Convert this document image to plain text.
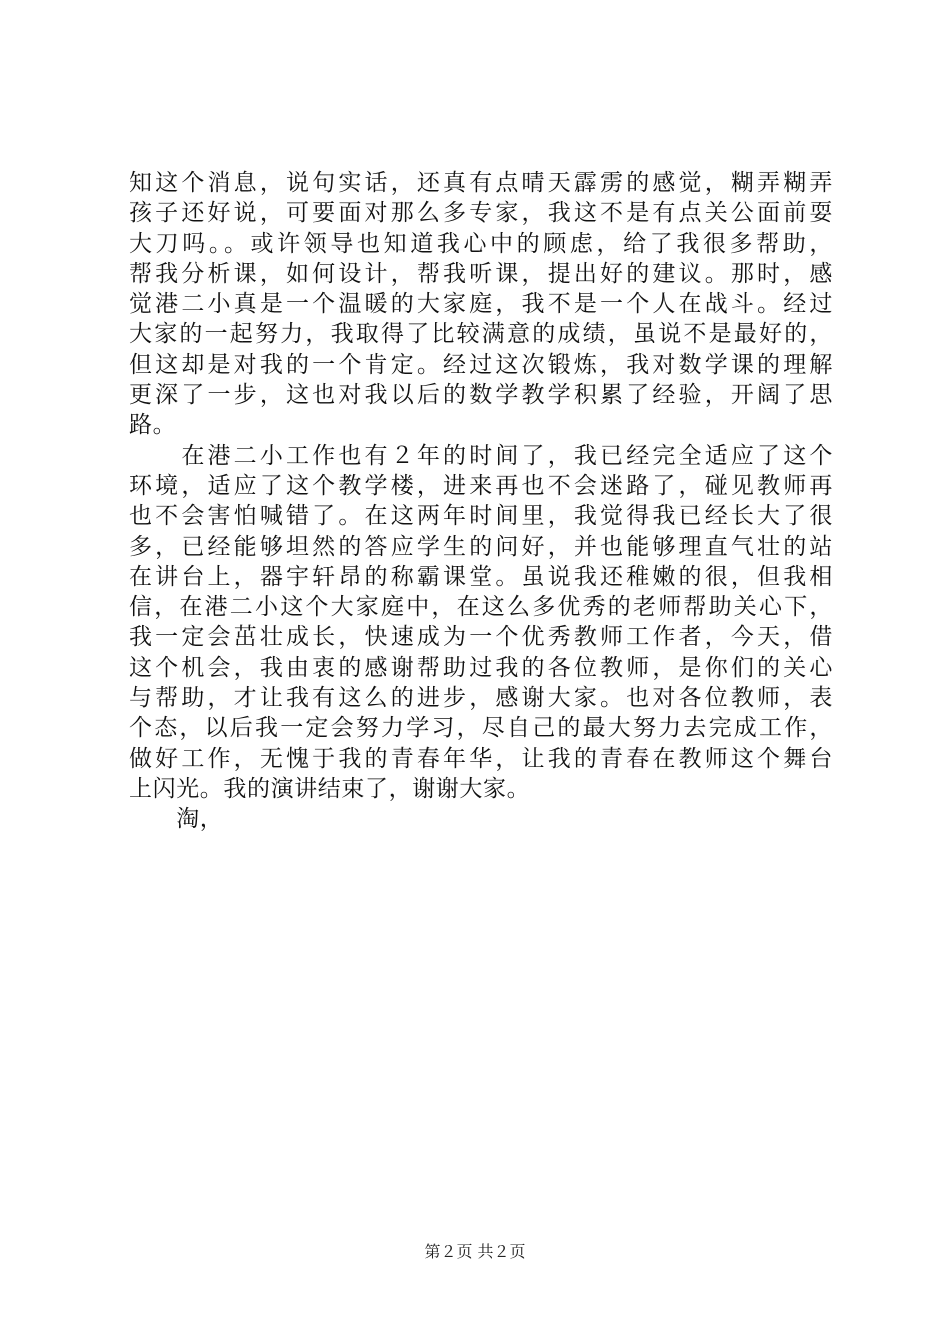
知这个消息，说句实话，还真有点晴天霹雳的感觉，糊弄糊弄
孩子还好说，可要面对那么多专家，我这不是有点关公面前耍
大刀吗。。或许领导也知道我心中的顾虑，给了我很多帮助，
帮我分析课，如何设计，帮我听课，提出好的建议。那时，感
觉港二小真是一个温暖的大家庭，我不是一个人在战斗。经过
大家的一起努力，我取得了比较满意的成绩，虽说不是最好的，
但这却是对我的一个肯定。经过这次锻炼，我对数学课的理解
更深了一步，这也对我以后的数学教学积累了经验，开阔了思
路。
　　在港二小工作也有２年的时间了，我已经完全适应了这个
环境，适应了这个教学楼，进来再也不会迷路了，碰见教师再
也不会害怕喊错了。在这两年时间里，我觉得我已经长大了很
多，已经能够坦然的答应学生的问好，并也能够理直气壮的站
在讲台上，器宇轩昂的称霸课堂。虽说我还稚嫩的很，但我相
信，在港二小这个大家庭中，在这么多优秀的老师帮助关心下，
我一定会茁壮成长，快速成为一个优秀教师工作者，今天，借
这个机会，我由衷的感谢帮助过我的各位教师，是你们的关心
与帮助，才让我有这么的进步，感谢大家。也对各位教师，表
个态，以后我一定会努力学习，尽自己的最大努力去完成工作，
做好工作，无愧于我的青春年华，让我的青春在教师这个舞台
上闪光。我的演讲结束了，谢谢大家。
　　淘，
第２页 共２页
